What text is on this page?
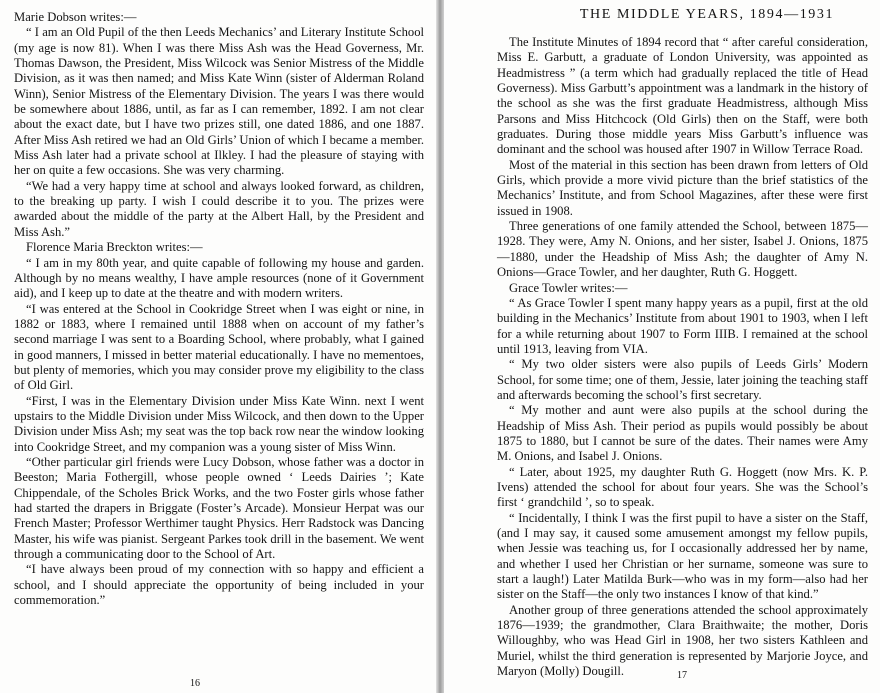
Marie Dobson writes:—

“ I am an Old Pupil of the then Leeds Mechanics’ and Literary Institute School (my age is now 81). When I was there Miss Ash was the Head Governess, Mr. Thomas Dawson, the President, Miss Wilcock was Senior Mistress of the Middle Division, as it was then named; and Miss Kate Winn (sister of Alderman Roland Winn), Senior Mistress of the Elementary Division. The years I was there would be somewhere about 1886, until, as far as I can remember, 1892. I am not clear about the exact date, but I have two prizes still, one dated 1886, and one 1887. After Miss Ash retired we had an Old Girls’ Union of which I became a member. Miss Ash later had a private school at Ilkley. I had the pleasure of staying with her on quite a few occasions. She was very charming.

“We had a very happy time at school and always looked forward, as children, to the breaking up party. I wish I could describe it to you. The prizes were awarded about the middle of the party at the Albert Hall, by the President and Miss Ash.”

Florence Maria Breckton writes:—

“ I am in my 80th year, and quite capable of following my house and garden. Although by no means wealthy, I have ample resources (none of it Government aid), and I keep up to date at the theatre and with modern writers.

“I was entered at the School in Cookridge Street when I was eight or nine, in 1882 or 1883, where I remained until 1888 when on account of my father’s second marriage I was sent to a Boarding School, where probably, what I gained in good manners, I missed in better material educationally. I have no mementoes, but plenty of memories, which you may consider prove my eligibility to the class of Old Girl.

“First, I was in the Elementary Division under Miss Kate Winn. next I went upstairs to the Middle Division under Miss Wilcock, and then down to the Upper Division under Miss Ash; my seat was the top back row near the window looking into Cookridge Street, and my companion was a young sister of Miss Winn.

“Other particular girl friends were Lucy Dobson, whose father was a doctor in Beeston; Maria Fothergill, whose people owned ‘ Leeds Dairies ’; Kate Chippendale, of the Scholes Brick Works, and the two Foster girls whose father had started the drapers in Briggate (Foster’s Arcade). Monsieur Herpat was our French Master; Professor Werthimer taught Physics. Herr Radstock was Dancing Master, his wife was pianist. Sergeant Parkes took drill in the basement. We went through a communicating door to the School of Art.

“I have always been proud of my connection with so happy and efficient a school, and I should appreciate the opportunity of being included in your commemoration.”

16
THE MIDDLE YEARS, 1894—1931

The Institute Minutes of 1894 record that “ after careful consideration, Miss E. Garbutt, a graduate of London University, was appointed as Headmistress ” (a term which had gradually replaced the title of Head Governess). Miss Garbutt’s appointment was a landmark in the history of the school as she was the first graduate Headmistress, although Miss Parsons and Miss Hitchcock (Old Girls) then on the Staff, were both graduates. During those middle years Miss Garbutt’s influence was dominant and the school was housed after 1907 in Willow Terrace Road.

Most of the material in this section has been drawn from letters of Old Girls, which provide a more vivid picture than the brief statistics of the Mechanics’ Institute, and from School Magazines, after these were first issued in 1908.

Three generations of one family attended the School, between 1875—1928. They were, Amy N. Onions, and her sister, Isabel J. Onions, 1875—1880, under the Headship of Miss Ash; the daughter of Amy N. Onions—Grace Towler, and her daughter, Ruth G. Hoggett.

Grace Towler writes:—

“ As Grace Towler I spent many happy years as a pupil, first at the old building in the Mechanics’ Institute from about 1901 to 1903, when I left for a while returning about 1907 to Form IIIB. I remained at the school until 1913, leaving from VIA.

“ My two older sisters were also pupils of Leeds Girls’ Modern School, for some time; one of them, Jessie, later joining the teaching staff and afterwards becoming the school’s first secretary.

“ My mother and aunt were also pupils at the school during the Headship of Miss Ash. Their period as pupils would possibly be about 1875 to 1880, but I cannot be sure of the dates. Their names were Amy M. Onions, and Isabel J. Onions.

“ Later, about 1925, my daughter Ruth G. Hoggett (now Mrs. K. P. Ivens) attended the school for about four years. She was the School’s first ‘ grandchild ’, so to speak.

“ Incidentally, I think I was the first pupil to have a sister on the Staff, (and I may say, it caused some amusement amongst my fellow pupils, when Jessie was teaching us, for I occasionally addressed her by name, and whether I used her Christian or her surname, someone was sure to start a laugh!) Later Matilda Burk—who was in my form—also had her sister on the Staff—the only two instances I know of that kind.”

Another group of three generations attended the school approximately 1876—1939; the grandmother, Clara Braithwaite; the mother, Doris Willoughby, who was Head Girl in 1908, her two sisters Kathleen and Muriel, whilst the third generation is represented by Marjorie Joyce, and Maryon (Molly) Dougill.	17
